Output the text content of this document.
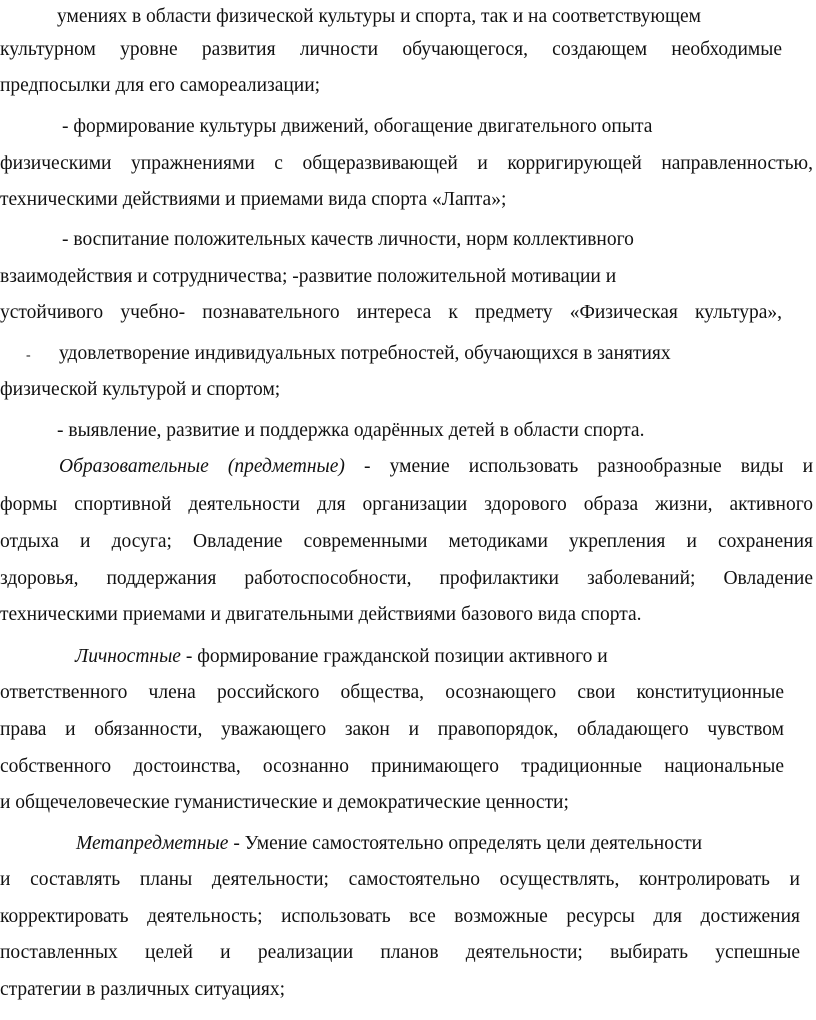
умениях в области физической культуры и спорта, так и на соответствующем
культурном уровне развития личности обучающегося, создающем необходимые
предпосылки для его самореализации;
- формирование культуры движений, обогащение двигательного опыта
физическими упражнениями с общеразвивающей и корригирующей направленностью,
техническими действиями и приемами вида спорта «Лапта»;
- воспитание положительных качеств личности, норм коллективного
взаимодействия и сотрудничества; -развитие положительной мотивации и
устойчивого учебно- познавательного интереса к предмету «Физическая культура»,
- удовлетворение индивидуальных потребностей, обучающихся в занятиях
физической культурой и спортом;
- выявление, развитие и поддержка одарённых детей в области спорта.
Образовательные (предметные) - умение использовать разнообразные виды и
формы спортивной деятельности для организации здорового образа жизни, активного
отдыха и досуга; Овладение современными методиками укрепления и сохранения
здоровья, поддержания работоспособности, профилактики заболеваний; Овладение
техническими приемами и двигательными действиями базового вида спорта.
Личностные - формирование гражданской позиции активного и
ответственного члена российского общества, осознающего свои конституционные
права и обязанности, уважающего закон и правопорядок, обладающего чувством
собственного достоинства, осознанно принимающего традиционные национальные
и общечеловеческие гуманистические и демократические ценности;
Метапредметные - Умение самостоятельно определять цели деятельности
и составлять планы деятельности; самостоятельно осуществлять, контролировать и
корректировать деятельность; использовать все возможные ресурсы для достижения
поставленных целей и реализации планов деятельности; выбирать успешные
стратегии в различных ситуациях;
